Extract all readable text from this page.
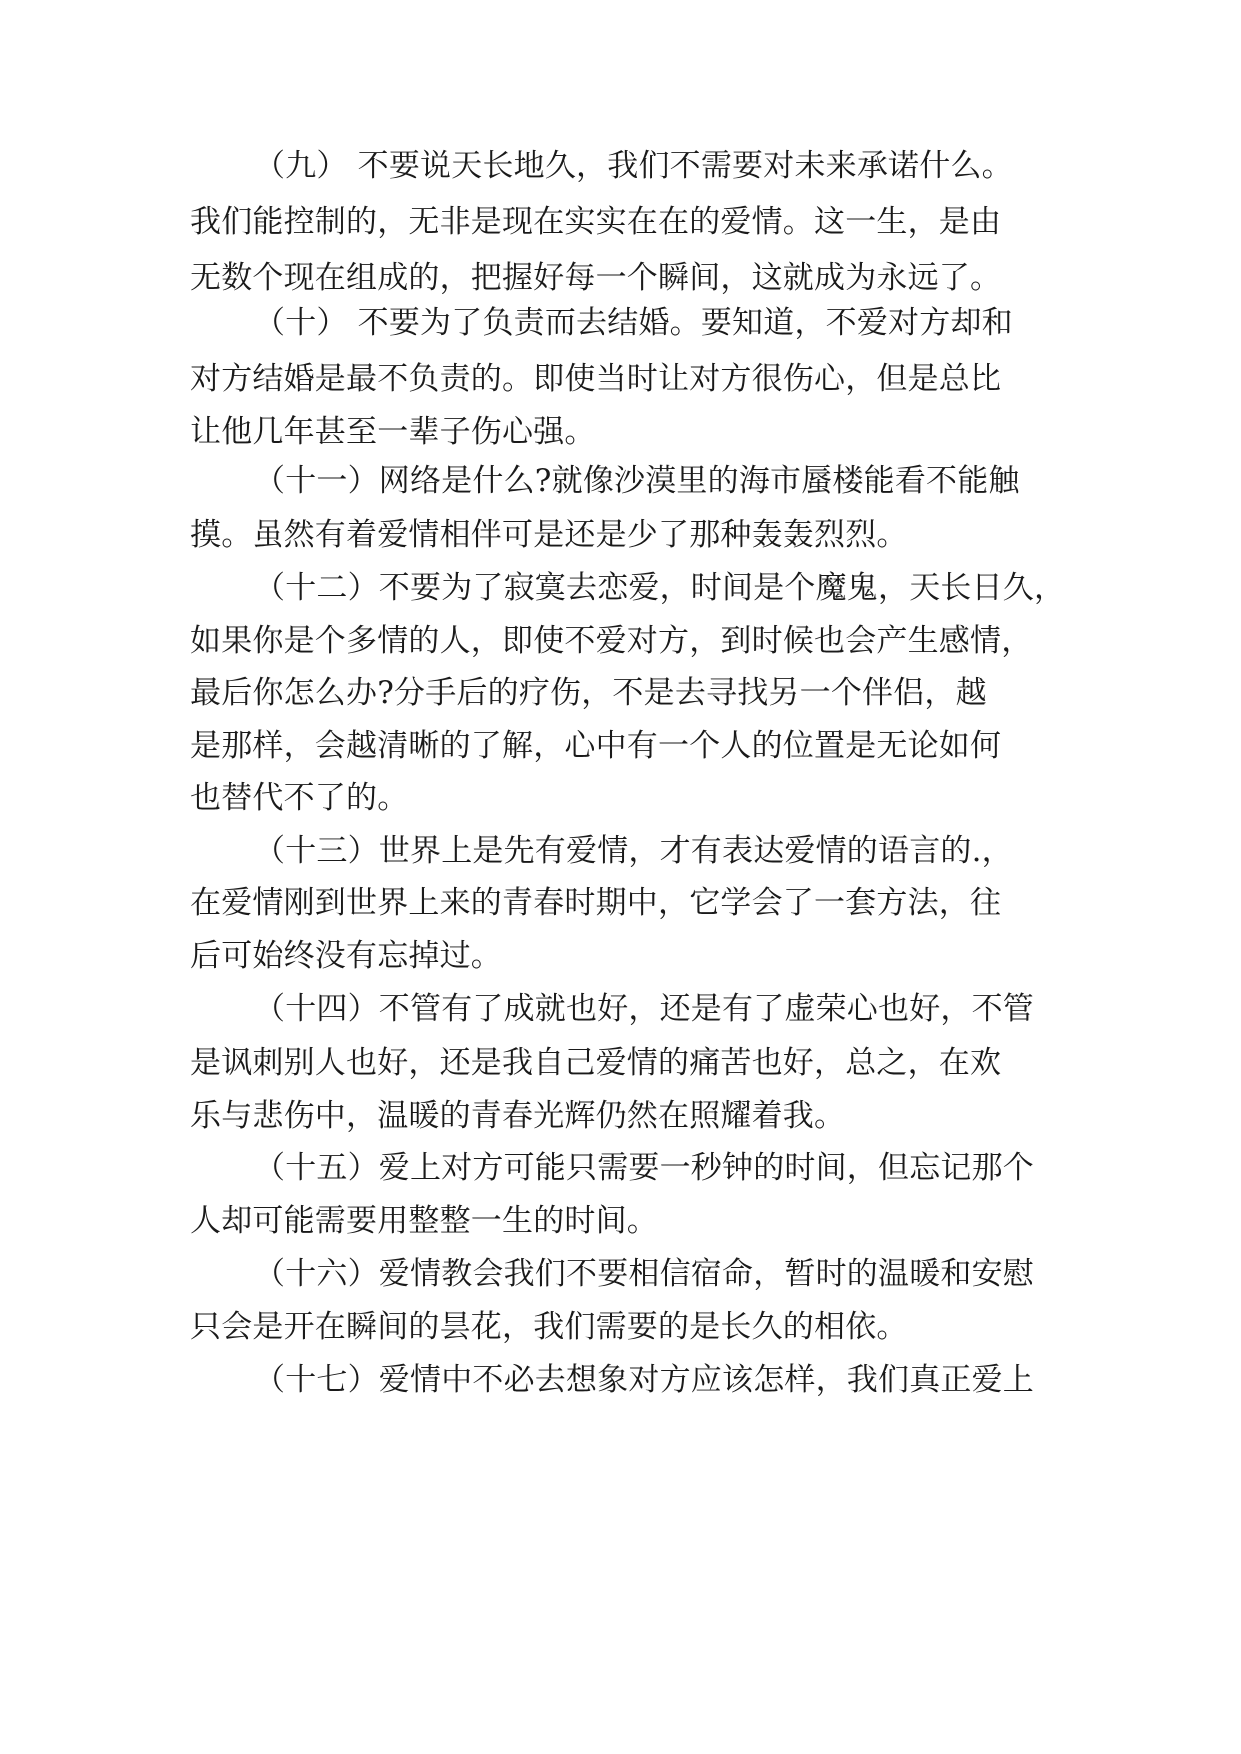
（九） 不要说天长地久，我们不需要对未来承诺什么。
我们能控制的，无非是现在实实在在的爱情。这一生，是由
无数个现在组成的，把握好每一个瞬间，这就成为永远了。
（十） 不要为了负责而去结婚。要知道，不爱对方却和
对方结婚是最不负责的。即使当时让对方很伤心，但是总比
让他几年甚至一辈子伤心强。
（十一）网络是什么?就像沙漠里的海市蜃楼能看不能触
摸。虽然有着爱情相伴可是还是少了那种轰轰烈烈。
（十二）不要为了寂寞去恋爱，时间是个魔鬼，天长日久，
如果你是个多情的人，即使不爱对方，到时候也会产生感情，
最后你怎么办?分手后的疗伤，不是去寻找另一个伴侣，越
是那样，会越清晰的了解，心中有一个人的位置是无论如何
也替代不了的。
（十三）世界上是先有爱情，才有表达爱情的语言的.，
在爱情刚到世界上来的青春时期中，它学会了一套方法，往
后可始终没有忘掉过。
（十四）不管有了成就也好，还是有了虚荣心也好，不管
是讽刺别人也好，还是我自己爱情的痛苦也好，总之，在欢
乐与悲伤中，温暖的青春光辉仍然在照耀着我。
（十五）爱上对方可能只需要一秒钟的时间，但忘记那个
人却可能需要用整整一生的时间。
（十六）爱情教会我们不要相信宿命，暂时的温暖和安慰
只会是开在瞬间的昙花，我们需要的是长久的相依。
（十七）爱情中不必去想象对方应该怎样，我们真正爱上
